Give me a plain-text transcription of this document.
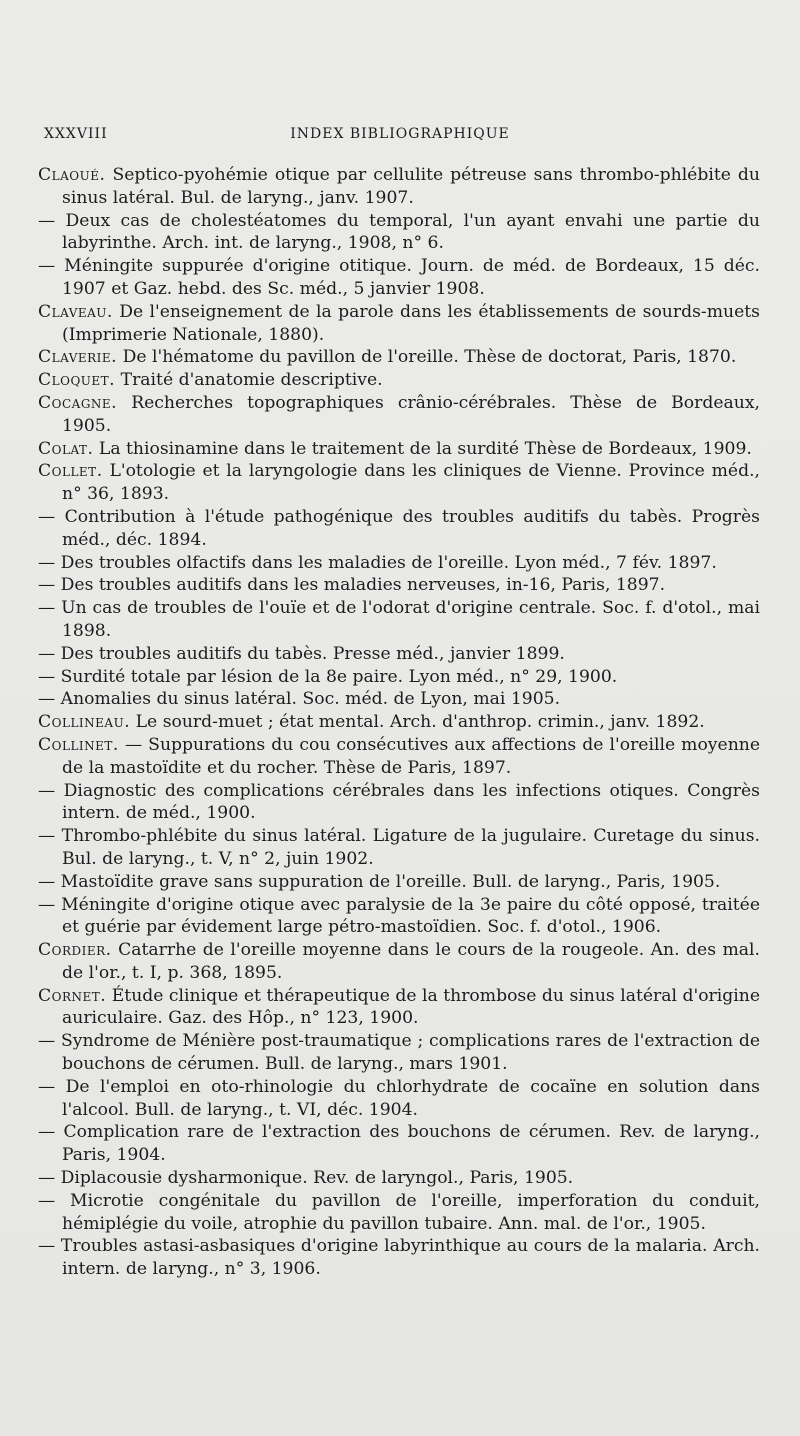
XXXVIII	INDEX BIBLIOGRAPHIQUE

Claoué. Septico-pyohémie otique par cellulite pétreuse sans thrombo-phlébite du sinus latéral. Bul. de laryng., janv. 1907.

— Deux cas de cholestéatomes du temporal, l'un ayant envahi une partie du labyrinthe. Arch. int. de laryng., 1908, n° 6.

— Méningite suppurée d'origine otitique. Journ. de méd. de Bordeaux, 15 déc. 1907 et Gaz. hebd. des Sc. méd., 5 janvier 1908.

Claveau. De l'enseignement de la parole dans les établissements de sourds-muets (Imprimerie Nationale, 1880).

Claverie. De l'hématome du pavillon de l'oreille. Thèse de doctorat, Paris, 1870.

Cloquet. Traité d'anatomie descriptive.

Cocagne. Recherches topographiques crânio-cérébrales. Thèse de Bordeaux, 1905.

Colat. La thiosinamine dans le traitement de la surdité Thèse de Bordeaux, 1909.

Collet. L'otologie et la laryngologie dans les cliniques de Vienne. Province méd., n° 36, 1893.

— Contribution à l'étude pathogénique des troubles auditifs du tabès. Progrès méd., déc. 1894.

— Des troubles olfactifs dans les maladies de l'oreille. Lyon méd., 7 fév. 1897.

— Des troubles auditifs dans les maladies nerveuses, in-16, Paris, 1897.

— Un cas de troubles de l'ouïe et de l'odorat d'origine centrale. Soc. f. d'otol., mai 1898.

— Des troubles auditifs du tabès. Presse méd., janvier 1899.

— Surdité totale par lésion de la 8e paire. Lyon méd., n° 29, 1900.

— Anomalies du sinus latéral. Soc. méd. de Lyon, mai 1905.

Collineau. Le sourd-muet ; état mental. Arch. d'anthrop. crimin., janv. 1892.

Collinet. — Suppurations du cou consécutives aux affections de l'oreille moyenne de la mastoïdite et du rocher. Thèse de Paris, 1897.

— Diagnostic des complications cérébrales dans les infections otiques. Congrès intern. de méd., 1900.

— Thrombo-phlébite du sinus latéral. Ligature de la jugulaire. Curetage du sinus. Bul. de laryng., t. V, n° 2, juin 1902.

— Mastoïdite grave sans suppuration de l'oreille. Bull. de laryng., Paris, 1905.

— Méningite d'origine otique avec paralysie de la 3e paire du côté opposé, traitée et guérie par évidement large pétro-mastoïdien. Soc. f. d'otol., 1906.

Cordier. Catarrhe de l'oreille moyenne dans le cours de la rougeole. An. des mal. de l'or., t. I, p. 368, 1895.

Cornet. Étude clinique et thérapeutique de la thrombose du sinus latéral d'origine auriculaire. Gaz. des Hôp., n° 123, 1900.

— Syndrome de Ménière post-traumatique ; complications rares de l'extraction de bouchons de cérumen. Bull. de laryng., mars 1901.

— De l'emploi en oto-rhinologie du chlorhydrate de cocaïne en solution dans l'alcool. Bull. de laryng., t. VI, déc. 1904.

— Complication rare de l'extraction des bouchons de cérumen. Rev. de laryng., Paris, 1904.

— Diplacousie dysharmonique. Rev. de laryngol., Paris, 1905.

— Microtie congénitale du pavillon de l'oreille, imperforation du conduit, hémiplégie du voile, atrophie du pavillon tubaire. Ann. mal. de l'or., 1905.

— Troubles astasi-asbasiques d'origine labyrinthique au cours de la malaria. Arch. intern. de laryng., n° 3, 1906.
